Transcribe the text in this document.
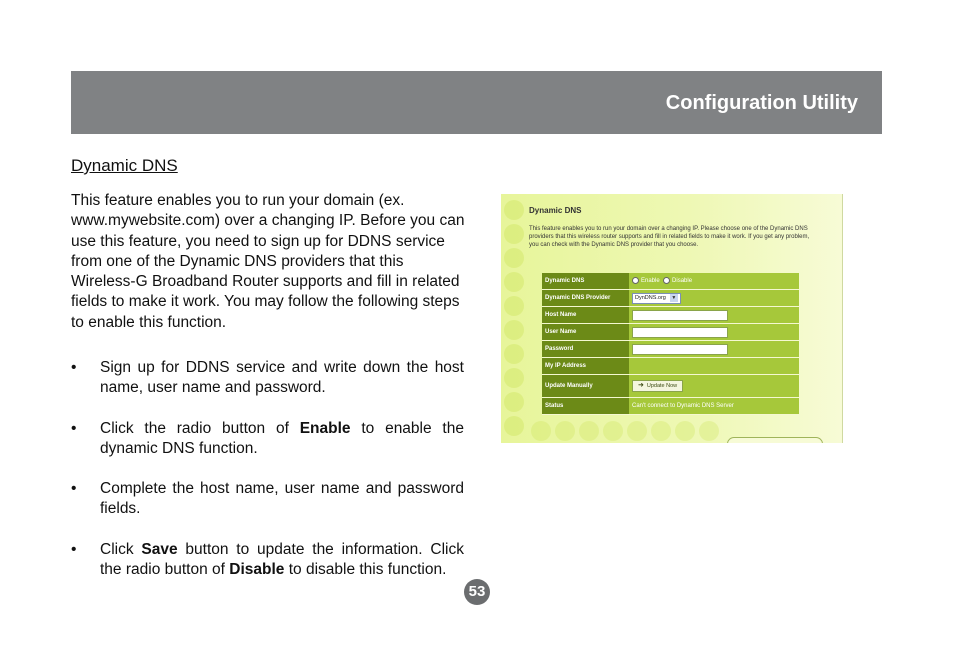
Configuration Utility
Dynamic DNS

This feature enables you to run your domain (ex. www.mywebsite.com) over a changing IP. Before you can use this feature, you need to sign up for DDNS service from one of the Dynamic DNS providers that this Wireless-G Broadband Router supports and fill in related fields to make it work. You may follow the following steps to enable this function.

• Sign up for DDNS service and write down the host name, user name and password.
• Click the radio button of Enable to enable the dynamic DNS function.
• Complete the host name, user name and password fields.
• Click Save button to update the information. Click the radio button of Disable to disable this function.
53
Dynamic DNS

This feature enables you to run your domain over a changing IP. Please choose one of the Dynamic DNS providers that this wireless router supports and fill in related fields to make it work. If you get any problem, you can check with the Dynamic DNS provider that you choose.

Dynamic DNS	Enable Disable
Dynamic DNS Provider	DynDNS.org ▼
Host Name	
User Name	
Password	
My IP Address	
Update Manually	➜ Update Now
Status	Can't connect to Dynamic DNS Server
